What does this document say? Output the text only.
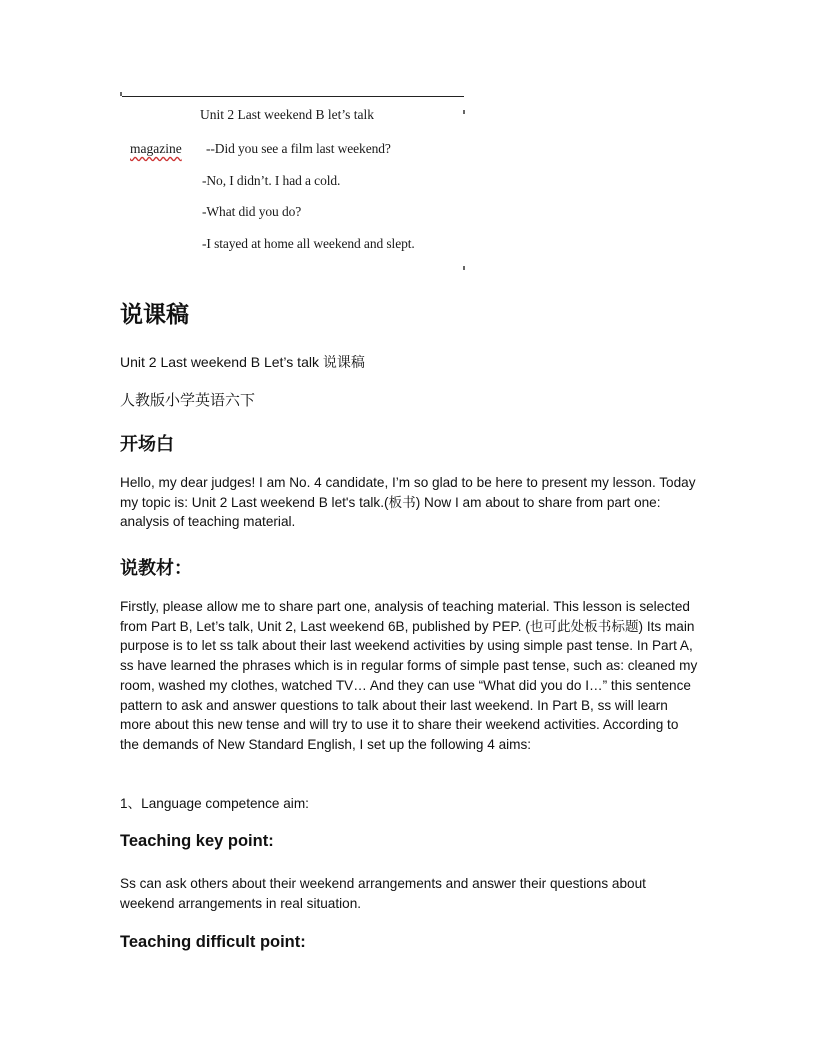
Unit 2 Last weekend B let’s talk
magazine --Did you see a film last weekend?
-No, I didn’t. I had a cold.
-What did you do?
-I stayed at home all weekend and slept.
说课稿

Unit 2 Last weekend B Let’s talk 说课稿

人教版小学英语六下

开场白

Hello, my dear judges! I am No. 4 candidate, I’m so glad to be here to present my lesson. Today my topic is: Unit 2 Last weekend B let's talk.(板书) Now I am about to share from part one: analysis of teaching material.

说教材：

Firstly, please allow me to share part one, analysis of teaching material. This lesson is selected from Part B, Let’s talk, Unit 2, Last weekend 6B, published by PEP. (也可此处板书标题) Its main purpose is to let ss talk about their last weekend activities by using simple past tense. In Part A, ss have learned the phrases which is in regular forms of simple past tense, such as: cleaned my room, washed my clothes, watched TV… And they can use “What did you do I…” this sentence pattern to ask and answer questions to talk about their last weekend. In Part B, ss will learn more about this new tense and will try to use it to share their weekend activities. According to the demands of New Standard English, I set up the following 4 aims:

1、Language competence aim:

Teaching key point:

Ss can ask others about their weekend arrangements and answer their questions about weekend arrangements in real situation.

Teaching difficult point:
